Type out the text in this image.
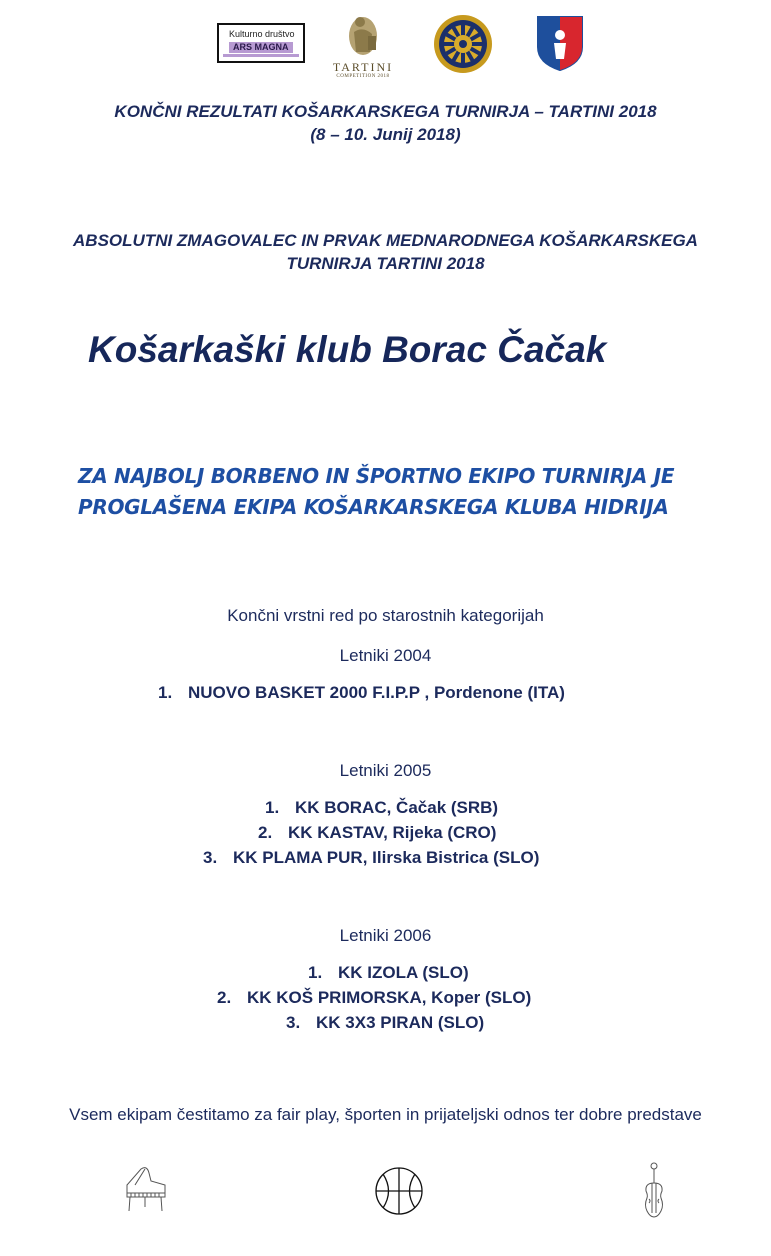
Kulturno društvo
ARS MAGNA
TARTINI
COMPETITION 2018
KONČNI REZULTATI KOŠARKARSKEGA TURNIRJA – TARTINI 2018
(8 – 10. Junij 2018)
ABSOLUTNI ZMAGOVALEC IN PRVAK MEDNARODNEGA KOŠARKARSKEGA
TURNIRJA TARTINI 2018
Košarkaški klub Borac Čačak
ZA NAJBOLJ BORBENO IN ŠPORTNO EKIPO TURNIRJA JE
PROGLAŠENA EKIPA KOŠARKARSKEGA KLUBA HIDRIJA
Končni vrstni red po starostnih kategorijah
Letniki 2004
1. NUOVO BASKET 2000 F.I.P.P , Pordenone (ITA)
Letniki 2005
1. KK BORAC, Čačak (SRB)
2. KK KASTAV, Rijeka (CRO)
3. KK PLAMA PUR, Ilirska Bistrica (SLO)
Letniki 2006
1. KK IZOLA (SLO)
2. KK KOŠ PRIMORSKA, Koper (SLO)
3. KK 3X3 PIRAN (SLO)
Vsem ekipam čestitamo za fair play, športen in prijateljski odnos ter dobre predstave
